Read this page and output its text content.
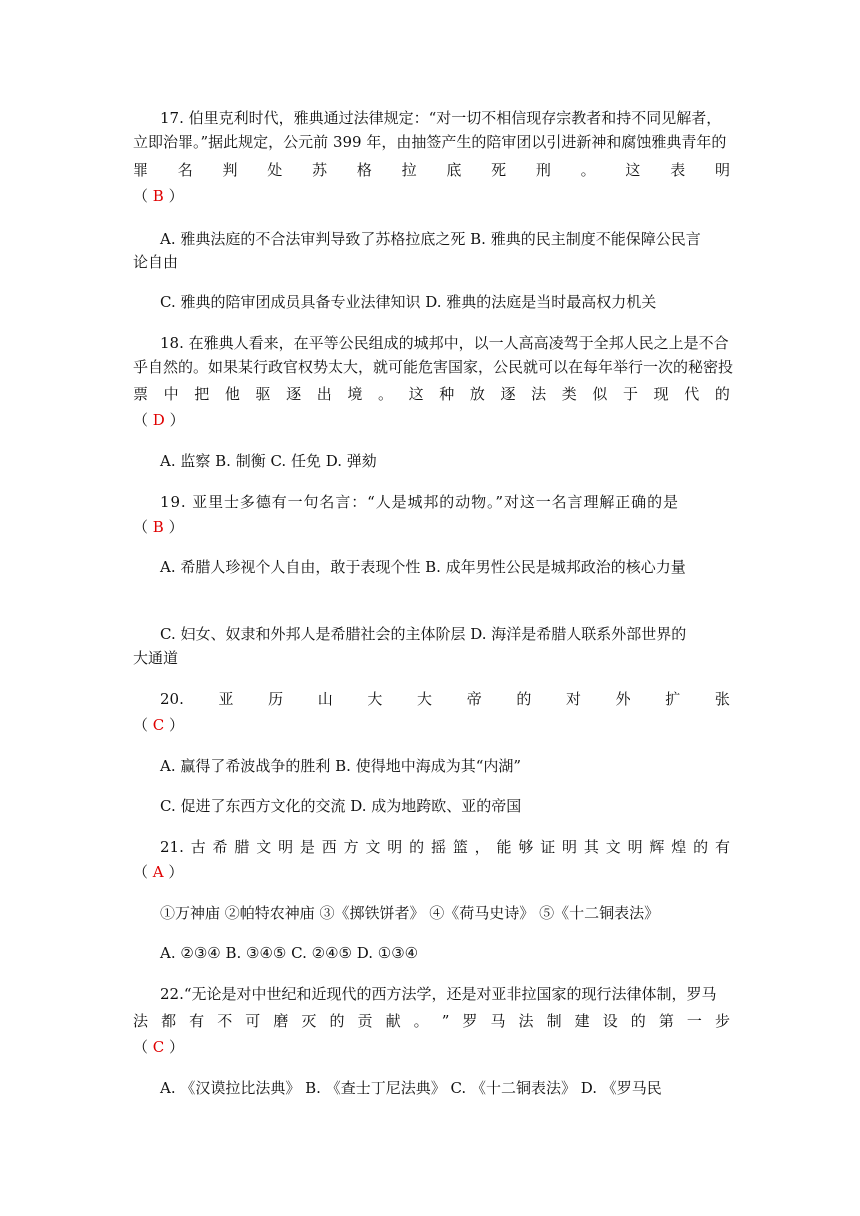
17. 伯里克利时代，雅典通过法律规定：“对一切不相信现存宗教者和持不同见解者，
立即治罪。”据此规定，公元前 399 年，由抽签产生的陪审团以引进新神和腐蚀雅典青年的
罪 名 判 处 苏 格 拉 底 死 刑 。 这 表 明
（ B ）
A. 雅典法庭的不合法审判导致了苏格拉底之死 B. 雅典的民主制度不能保障公民言
论自由
C. 雅典的陪审团成员具备专业法律知识 D. 雅典的法庭是当时最高权力机关
18. 在雅典人看来，在平等公民组成的城邦中，以一人高高凌驾于全邦人民之上是不合
乎自然的。如果某行政官权势太大，就可能危害国家，公民就可以在每年举行一次的秘密投
票 中 把 他 驱 逐 出 境 。 这 种 放 逐 法 类 似 于 现 代 的
（ D ）
A. 监察 B. 制衡 C. 任免 D. 弹劾
19. 亚里士多德有一句名言：“人是城邦的动物。”对这一名言理解正确的是
（ B ）
A. 希腊人珍视个人自由，敢于表现个性 B. 成年男性公民是城邦政治的核心力量
C. 妇女、奴隶和外邦人是希腊社会的主体阶层 D. 海洋是希腊人联系外部世界的
大通道
20. 亚 历 山 大 大 帝 的 对 外 扩 张
（ C ）
A. 赢得了希波战争的胜利 B. 使得地中海成为其“内湖”
C. 促进了东西方文化的交流 D. 成为地跨欧、亚的帝国
21. 古 希 腊 文 明 是 西 方 文 明 的 摇 篮 ， 能 够 证 明 其 文 明 辉 煌 的 有
（ A ）
①万神庙 ②帕特农神庙 ③《掷铁饼者》 ④《荷马史诗》 ⑤《十二铜表法》
A. ②③④ B. ③④⑤ C. ②④⑤ D. ①③④
22.“无论是对中世纪和近现代的西方法学，还是对亚非拉国家的现行法律体制，罗马
法 都 有 不 可 磨 灭 的 贡 献 。 ” 罗 马 法 制 建 设 的 第 一 步
（ C ）
A. 《汉谟拉比法典》 B. 《查士丁尼法典》 C. 《十二铜表法》 D. 《罗马民
